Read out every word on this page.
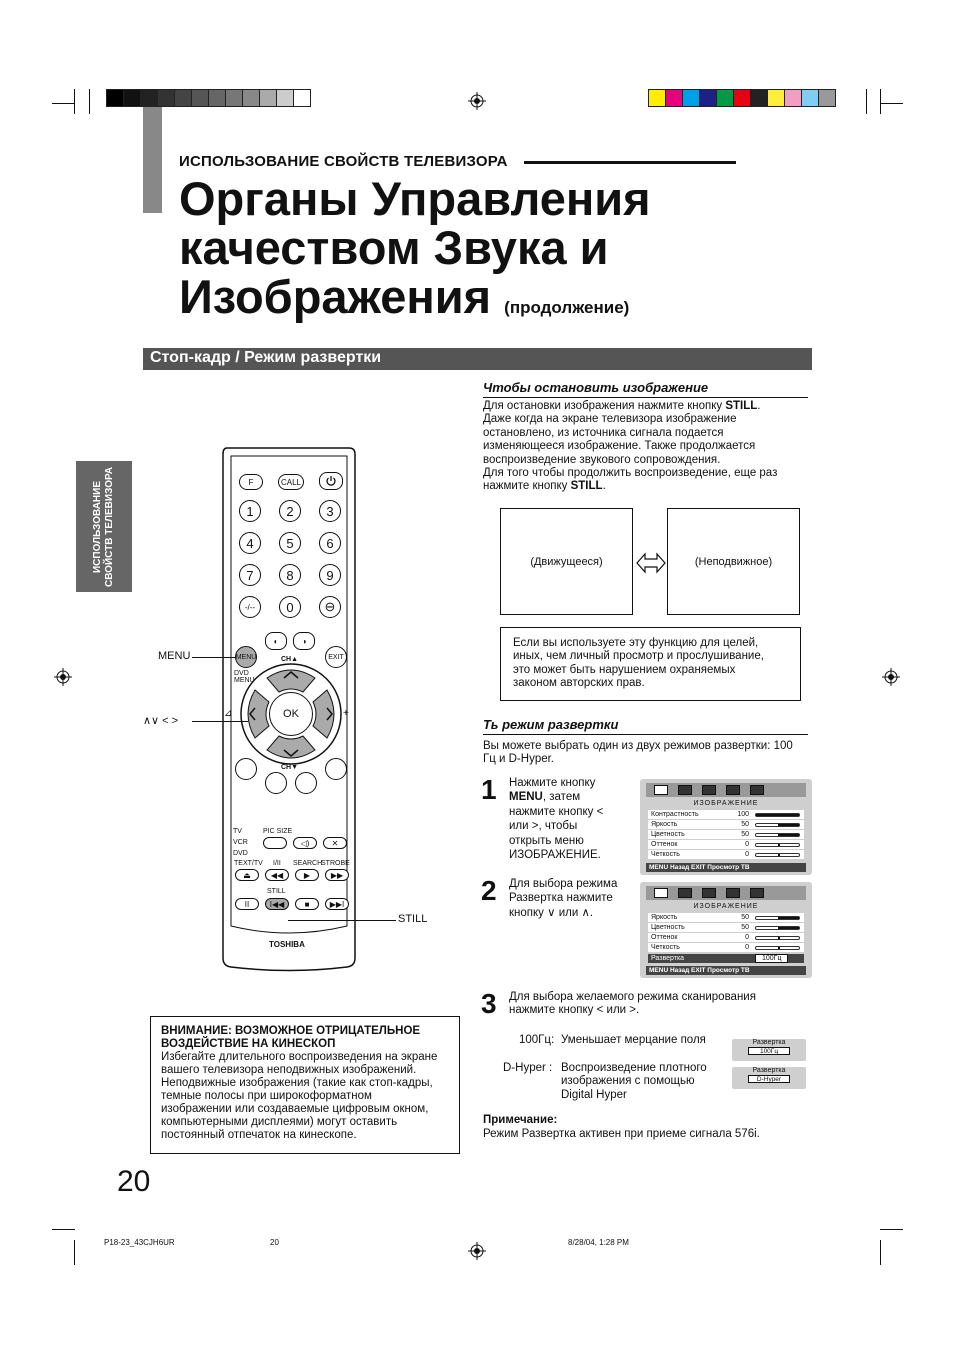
ИСПОЛЬЗОВАНИЕ СВОЙСТВ ТЕЛЕВИЗОРА
Органы Управления
качеством Звука и
Изображения (продолжение)
Стоп-кадр / Режим развертки
ИСПОЛЬЗОВАНИЕ СВОЙСТВ ТЕЛЕВИЗОРА
Чтобы остановить изображение
Для остановки изображения нажмите кнопку STILL.
Даже когда на экране телевизора изображение
остановлено, из источника сигнала подается
изменяющееся изображение. Также продолжается
воспроизведение звукового сопровождения.
Для того чтобы продолжить воспроизведение, еще раз
нажмите кнопку STILL.
(Движущееся)	(Неподвижное)
Если вы используете эту функцию для целей,
иных, чем личный просмотр и прослушивание,
это может быть нарушением охраняемых
законом авторских прав.
Ть режим развертки
Вы можете выбрать один из двух режимов развертки: 100
Гц и D-Hyper.
1 Нажмите кнопку
MENU, затем
нажмите кнопку <
или >, чтобы
открыть меню
ИЗОБРАЖЕНИЕ.
ИЗОБРАЖЕНИЕ
Контрастность	100
Яркость	50
Цветность	50
Оттенок	0
Четкость	0
MENU Назад EXIT Просмотр ТВ
2 Для выбора режима
Развертка нажмите
кнопку ∨ или ∧.
ИЗОБРАЖЕНИЕ
Яркость	50
Цветность	50
Оттенок	0
Четкость	0
Развертка	100Гц
MENU Назад EXIT Просмотр ТВ
3 Для выбора желаемого режима сканирования
нажмите кнопку < или >.
100Гц: Уменьшает мерцание поля	Развертка
100Гц
D-Hyper : Воспроизведение плотного
изображения с помощью
Digital Hyper
Развертка
D-Hyper
Примечание:
Режим Развертка активен при приеме сигнала 576i.
F	CALL
1	2	3
4	5	6
7	8	9
-/--	0	⊖
◐	◑
MENU	EXIT
CH▲
DVD
MENU
OK
⊿	+
CH▼
TV
VCR
DVD
PIC SIZE
◁)	✕
TEXT/TV I/II SEARCH
STROBE
⏏	◀◀	▶	▶▶
STILL
II	I◀◀	■	▶▶I
TOSHIBA
MENU
∧∨ < >
STILL
ВНИМАНИЕ: ВОЗМОЖНОЕ ОТРИЦАТЕЛЬНОЕ
ВОЗДЕЙСТВИЕ НА КИНЕСКОП
Избегайте длительного воспроизведения на экране
вашего телевизора неподвижных изображений.
Неподвижные изображения (такие как стоп-кадры,
темные полосы при широкоформатном
изображении или создаваемые цифровым окном,
компьютерными дисплеями) могут оставить
постоянный отпечаток на кинескопе.
20
P18-23_43CJH6UR	20	8/28/04, 1:28 PM
